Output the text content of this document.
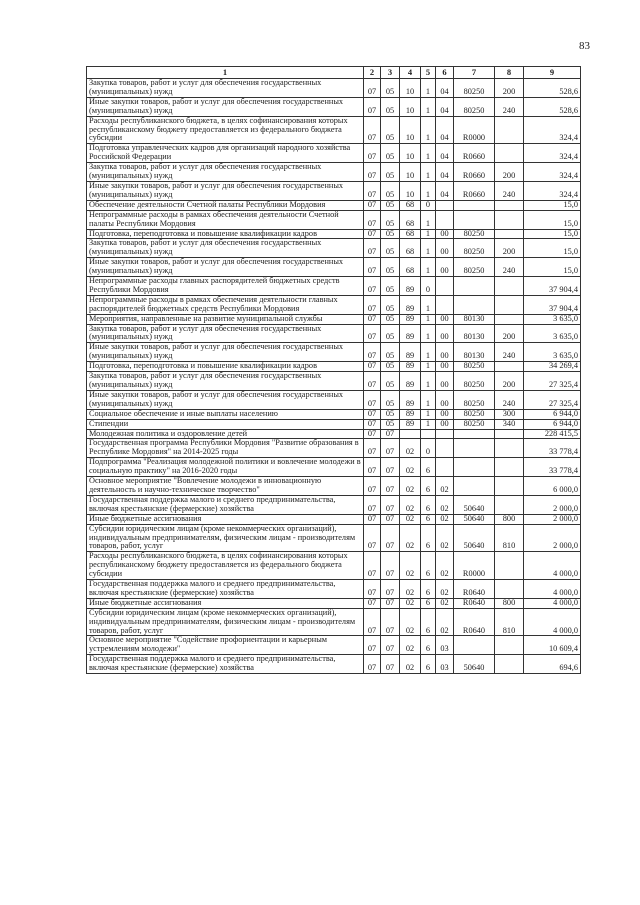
83
1	2	3	4	5	6	7	8	9
Закупка товаров, работ и услуг для обеспечения государственных (муниципальных) нужд	07	05	10	1	04	80250	200	528,6
Иные закупки товаров, работ и услуг для обеспечения государственных (муниципальных) нужд	07	05	10	1	04	80250	240	528,6
Расходы республиканского бюджета, в целях софинансирования которых республиканскому бюджету предоставляется из федерального бюджета субсидии	07	05	10	1	04	R0000		324,4
Подготовка управленческих кадров для организаций народного хозяйства Российской Федерации	07	05	10	1	04	R0660		324,4
Закупка товаров, работ и услуг для обеспечения государственных (муниципальных) нужд	07	05	10	1	04	R0660	200	324,4
Иные закупки товаров, работ и услуг для обеспечения государственных (муниципальных) нужд	07	05	10	1	04	R0660	240	324,4
Обеспечение деятельности Счетной палаты Республики Мордовия	07	05	68	0				15,0
Непрограммные расходы в рамках обеспечения деятельности Счетной палаты Республики Мордовия	07	05	68	1				15,0
Подготовка, переподготовка и повышение квалификации кадров	07	05	68	1	00	80250		15,0
Закупка товаров, работ и услуг для обеспечения государственных (муниципальных) нужд	07	05	68	1	00	80250	200	15,0
Иные закупки товаров, работ и услуг для обеспечения государственных (муниципальных) нужд	07	05	68	1	00	80250	240	15,0
Непрограммные расходы главных распорядителей бюджетных средств Республики Мордовия	07	05	89	0				37 904,4
Непрограммные расходы в рамках обеспечения деятельности главных распорядителей бюджетных средств Республики Мордовия	07	05	89	1				37 904,4
Мероприятия, направленные на развитие муниципальной службы	07	05	89	1	00	80130		3 635,0
Закупка товаров, работ и услуг для обеспечения государственных (муниципальных) нужд	07	05	89	1	00	80130	200	3 635,0
Иные закупки товаров, работ и услуг для обеспечения государственных (муниципальных) нужд	07	05	89	1	00	80130	240	3 635,0
Подготовка, переподготовка и повышение квалификации кадров	07	05	89	1	00	80250		34 269,4
Закупка товаров, работ и услуг для обеспечения государственных (муниципальных) нужд	07	05	89	1	00	80250	200	27 325,4
Иные закупки товаров, работ и услуг для обеспечения государственных (муниципальных) нужд	07	05	89	1	00	80250	240	27 325,4
Социальное обеспечение и иные выплаты населению	07	05	89	1	00	80250	300	6 944,0
Стипендии	07	05	89	1	00	80250	340	6 944,0
Молодежная политика и оздоровление детей	07	07						228 415,5
Государственная программа Республики Мордовия "Развитие образования в Республике Мордовия" на 2014-2025 годы	07	07	02	0				33 778,4
Подпрограмма "Реализация молодежной политики и вовлечение молодежи в социальную практику" на 2016-2020 годы	07	07	02	6				33 778,4
Основное мероприятие "Вовлечение молодежи в инновационную деятельность и научно-техническое творчество"	07	07	02	6	02			6 000,0
Государственная поддержка малого и среднего предпринимательства, включая крестьянские (фермерские) хозяйства	07	07	02	6	02	50640		2 000,0
Иные бюджетные ассигнования	07	07	02	6	02	50640	800	2 000,0
Субсидии юридическим лицам (кроме некоммерческих организаций), индивидуальным предпринимателям, физическим лицам - производителям товаров, работ, услуг	07	07	02	6	02	50640	810	2 000,0
Расходы республиканского бюджета, в целях софинансирования которых республиканскому бюджету предоставляется из федерального бюджета субсидии	07	07	02	6	02	R0000		4 000,0
Государственная поддержка малого и среднего предпринимательства, включая крестьянские (фермерские) хозяйства	07	07	02	6	02	R0640		4 000,0
Иные бюджетные ассигнования	07	07	02	6	02	R0640	800	4 000,0
Субсидии юридическим лицам (кроме некоммерческих организаций), индивидуальным предпринимателям, физическим лицам - производителям товаров, работ, услуг	07	07	02	6	02	R0640	810	4 000,0
Основное мероприятие "Содействие профориентации и карьерным устремлениям молодежи"	07	07	02	6	03			10 609,4
Государственная поддержка малого и среднего предпринимательства, включая крестьянские (фермерские) хозяйства	07	07	02	6	03	50640		694,6
